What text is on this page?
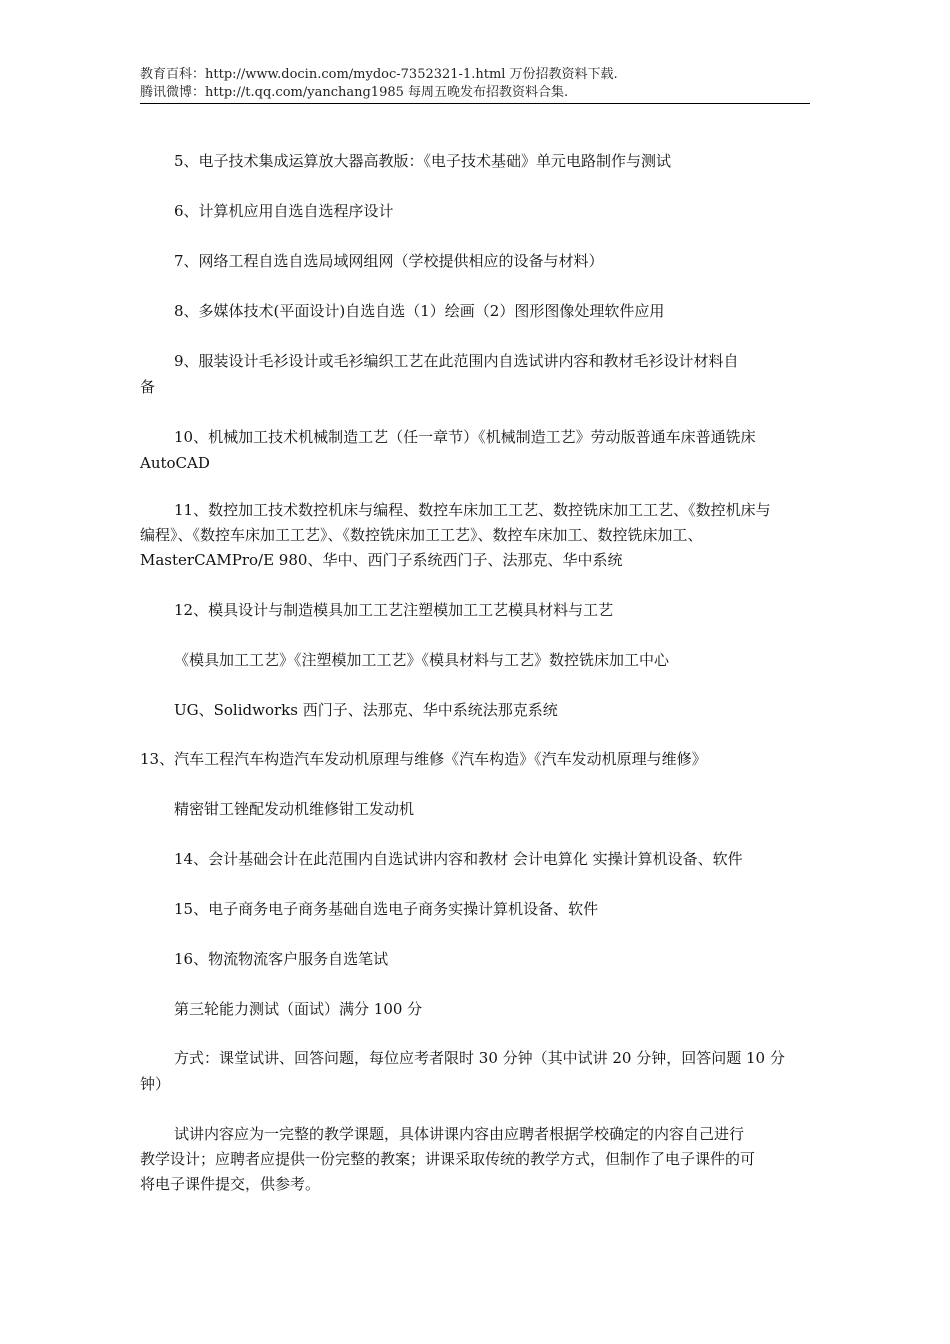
教育百科：http://www.docin.com/mydoc-7352321-1.html 万份招教资料下载.
腾讯微博：http://t.qq.com/yanchang1985 每周五晚发布招教资料合集.
5、电子技术集成运算放大器高教版：《电子技术基础》单元电路制作与测试
6、计算机应用自选自选程序设计
7、网络工程自选自选局域网组网（学校提供相应的设备与材料）
8、多媒体技术(平面设计)自选自选（1）绘画（2）图形图像处理软件应用
9、服装设计毛衫设计或毛衫编织工艺在此范围内自选试讲内容和教材毛衫设计材料自
备
10、机械加工技术机械制造工艺（任一章节）《机械制造工艺》劳动版普通车床普通铣床
AutoCAD
11、数控加工技术数控机床与编程、数控车床加工工艺、数控铣床加工工艺、《数控机床与
编程》、《数控车床加工工艺》、《数控铣床加工工艺》、数控车床加工、数控铣床加工、
MasterCAMPro/E 980、华中、西门子系统西门子、法那克、华中系统
12、模具设计与制造模具加工工艺注塑模加工工艺模具材料与工艺
《模具加工工艺》《注塑模加工工艺》《模具材料与工艺》数控铣床加工中心
UG、Solidworks 西门子、法那克、华中系统法那克系统
13、汽车工程汽车构造汽车发动机原理与维修《汽车构造》《汽车发动机原理与维修》
精密钳工锉配发动机维修钳工发动机
14、会计基础会计在此范围内自选试讲内容和教材 会计电算化 实操计算机设备、软件
15、电子商务电子商务基础自选电子商务实操计算机设备、软件
16、物流物流客户服务自选笔试
第三轮能力测试（面试）满分 100 分
方式：课堂试讲、回答问题，每位应考者限时 30 分钟（其中试讲 20 分钟，回答问题 10 分
钟）
试讲内容应为一完整的教学课题，具体讲课内容由应聘者根据学校确定的内容自己进行
教学设计；应聘者应提供一份完整的教案；讲课采取传统的教学方式，但制作了电子课件的可
将电子课件提交，供参考。
